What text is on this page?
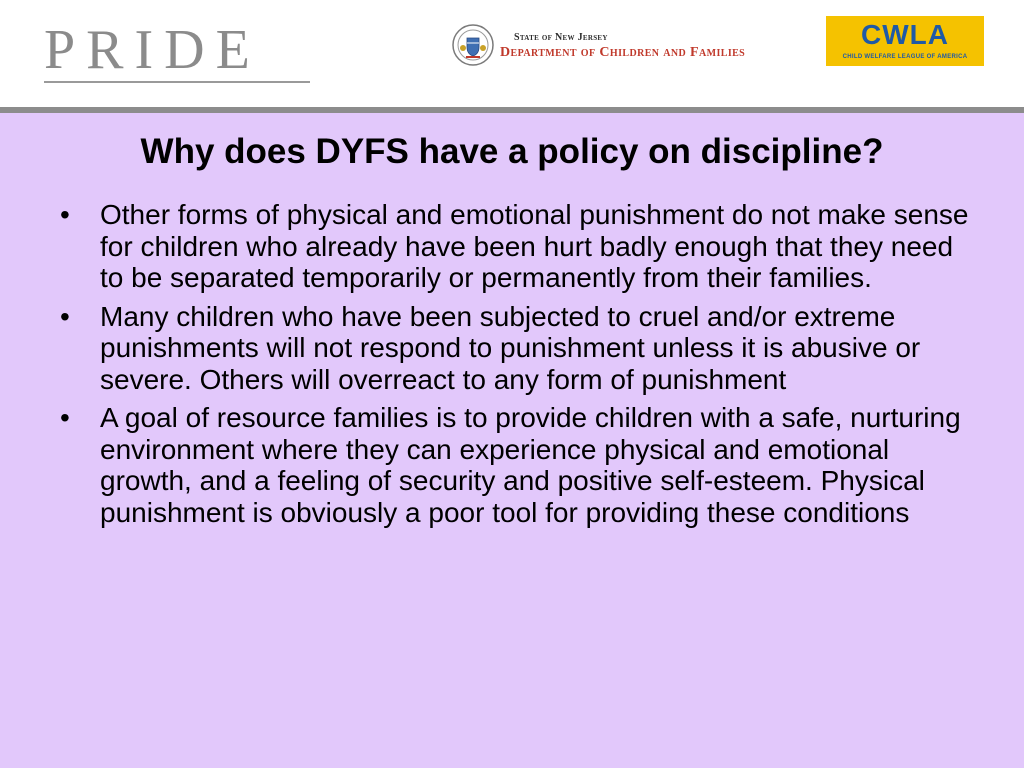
PRIDE	State of New Jersey
Department of Children and Families
CWLA
CHILD WELFARE LEAGUE OF AMERICA
Why does DYFS have a policy on discipline?
• Other forms of physical and emotional punishment do not make sense for children who already have been hurt badly enough that they need to be separated temporarily or permanently from their families.
• Many children who have been subjected to cruel and/or extreme punishments will not respond to punishment unless it is abusive or severe. Others will overreact to any form of punishment
• A goal of resource families is to provide children with a safe, nurturing environment where they can experience physical and emotional growth, and a feeling of security and positive self-esteem. Physical punishment is obviously a poor tool for providing these conditions
